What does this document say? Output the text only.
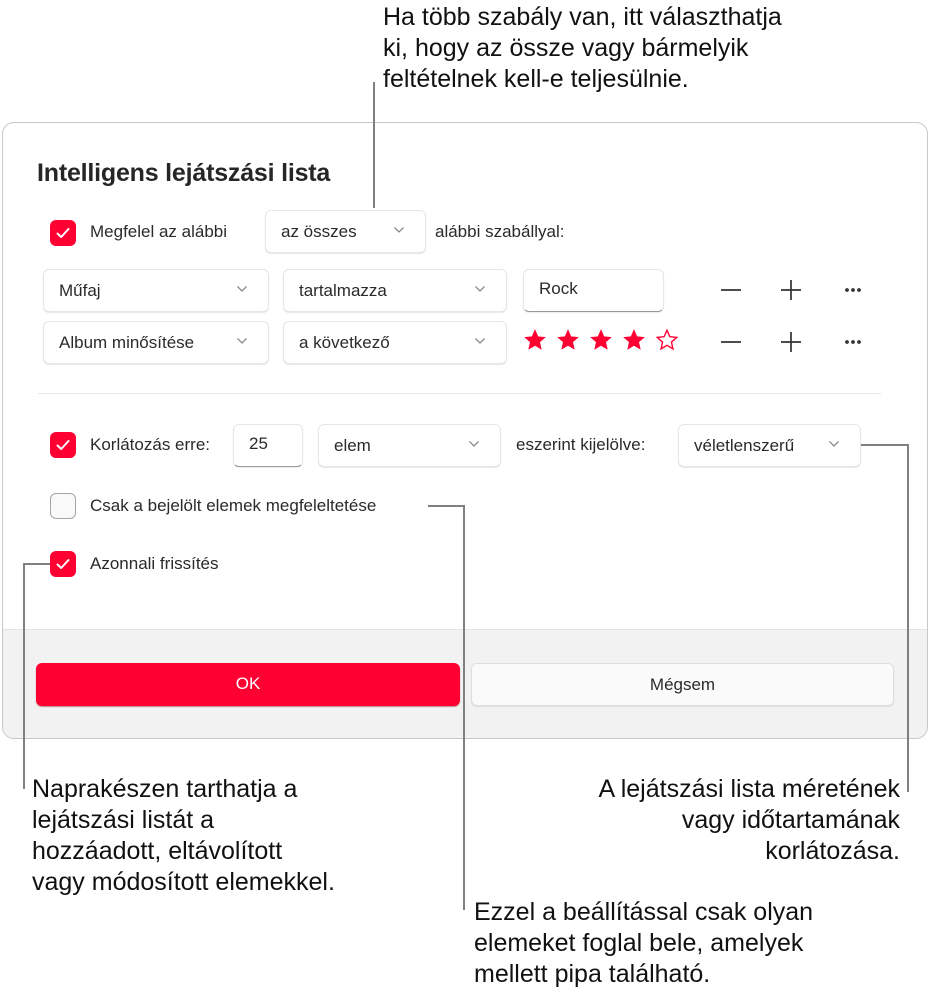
Ha több szabály van, itt választhatja
ki, hogy az össze vagy bármelyik
feltételnek kell-e teljesülnie.
Intelligens lejátszási lista
Megfelel az alábbi	az összes	alábbi szabállyal:
Műfaj	tartalmazza	Rock
Album minősítése	a következő
Korlátozás erre: 25	elem	eszerint kijelölve:	véletlenszerű
Csak a bejelölt elemek megfeleltetése
Azonnali frissítés
OK	Mégsem
Naprakészen tarthatja a
lejátszási listát a
hozzáadott, eltávolított
vagy módosított elemekkel.
A lejátszási lista méretének
vagy időtartamának
korlátozása.
Ezzel a beállítással csak olyan
elemeket foglal bele, amelyek
mellett pipa található.
